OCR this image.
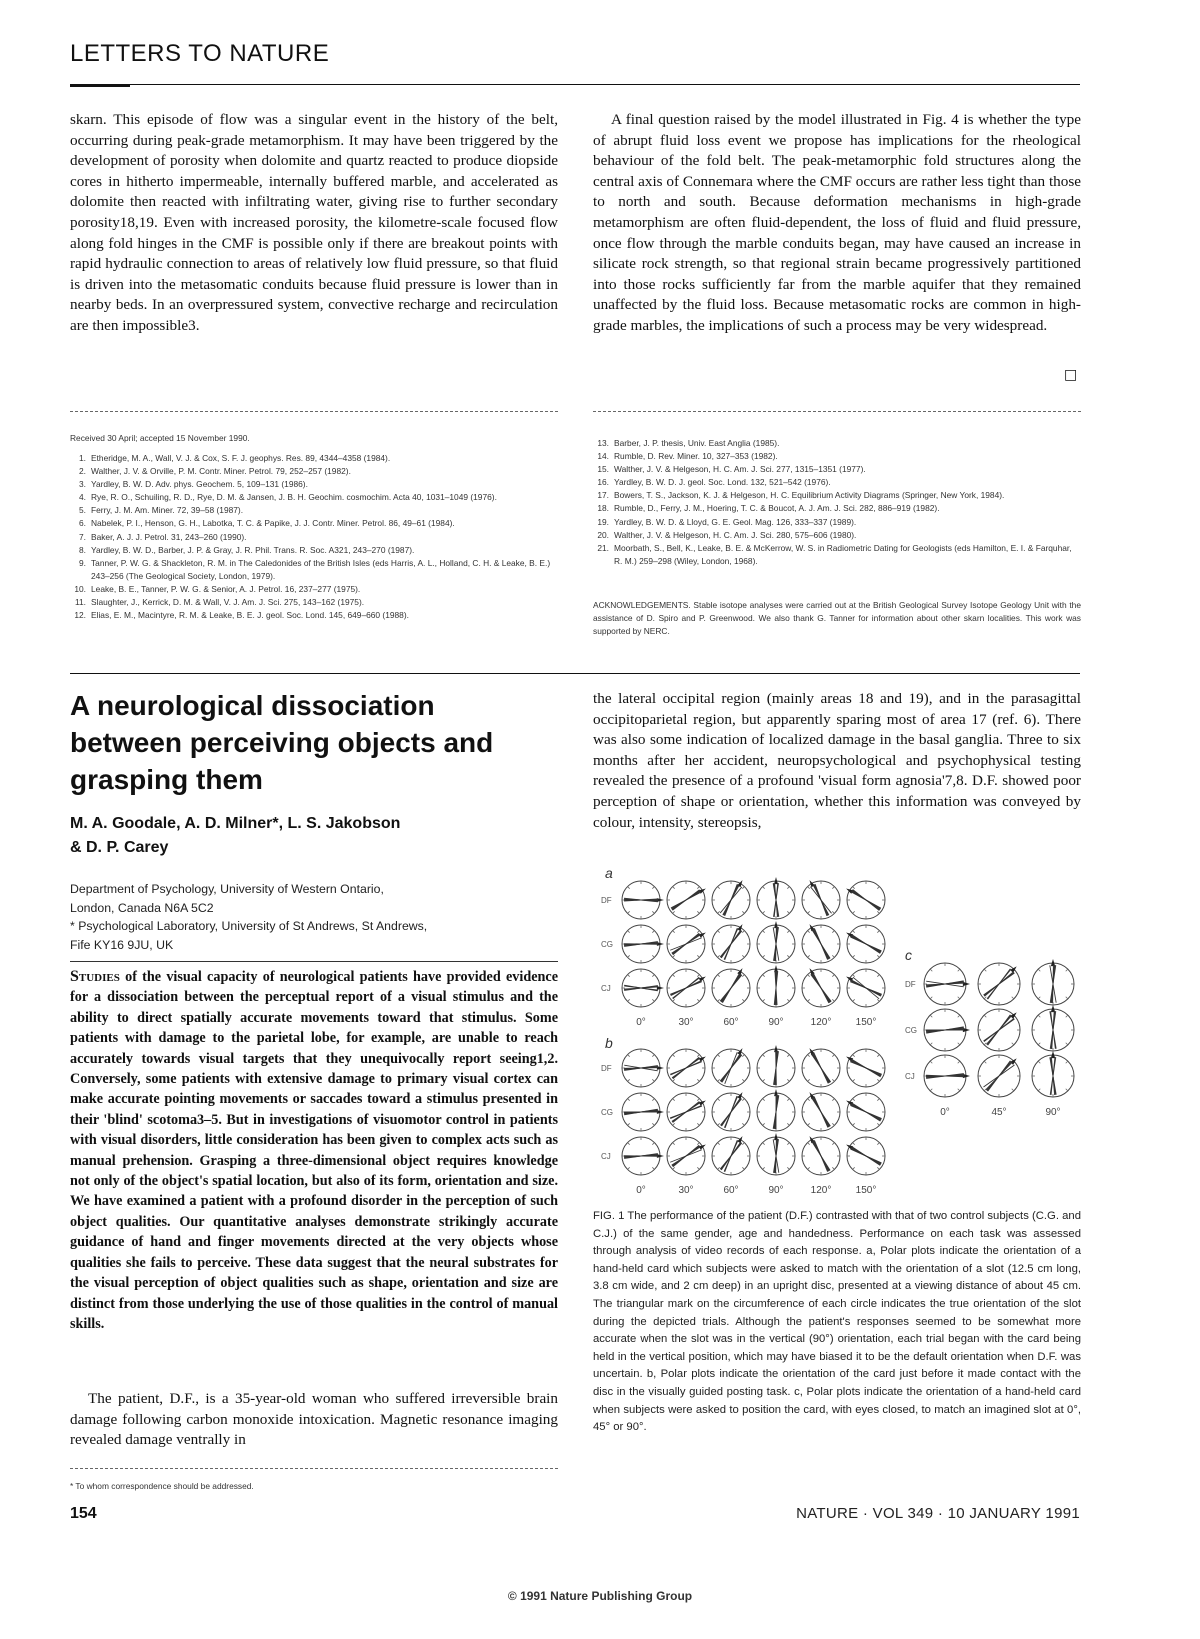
LETTERS TO NATURE

skarn. This episode of flow was a singular event in the history of the belt, occurring during peak-grade metamorphism. It may have been triggered by the development of porosity when dolomite and quartz reacted to produce diopside cores in hitherto impermeable, internally buffered marble, and accelerated as dolomite then reacted with infiltrating water, giving rise to further secondary porosity18,19. Even with increased porosity, the kilometre-scale focused flow along fold hinges in the CMF is possible only if there are breakout points with rapid hydraulic connection to areas of relatively low fluid pressure, so that fluid is driven into the metasomatic conduits because fluid pressure is lower than in nearby beds. In an overpressured system, convective recharge and recirculation are then impossible3.

A final question raised by the model illustrated in Fig. 4 is whether the type of abrupt fluid loss event we propose has implications for the rheological behaviour of the fold belt. The peak-metamorphic fold structures along the central axis of Connemara where the CMF occurs are rather less tight than those to north and south. Because deformation mechanisms in high-grade metamorphism are often fluid-dependent, the loss of fluid and fluid pressure, once flow through the marble conduits began, may have caused an increase in silicate rock strength, so that regional strain became progressively partitioned into those rocks sufficiently far from the marble aquifer that they remained unaffected by the fluid loss. Because metasomatic rocks are common in high-grade marbles, the implications of such a process may be very widespread.

□
Received 30 April; accepted 15 November 1990.
1. Etheridge, M. A., Wall, V. J. & Cox, S. F. J. geophys. Res. 89, 4344–4358 (1984).
2. Walther, J. V. & Orville, P. M. Contr. Miner. Petrol. 79, 252–257 (1982).
3. Yardley, B. W. D. Adv. phys. Geochem. 5, 109–131 (1986).
4. Rye, R. O., Schuiling, R. D., Rye, D. M. & Jansen, J. B. H. Geochim. cosmochim. Acta 40, 1031–1049 (1976).
5. Ferry, J. M. Am. Miner. 72, 39–58 (1987).
6. Nabelek, P. I., Henson, G. H., Labotka, T. C. & Papike, J. J. Contr. Miner. Petrol. 86, 49–61 (1984).
7. Baker, A. J. J. Petrol. 31, 243–260 (1990).
8. Yardley, B. W. D., Barber, J. P. & Gray, J. R. Phil. Trans. R. Soc. A321, 243–270 (1987).
9. Tanner, P. W. G. & Shackleton, R. M. in The Caledonides of the British Isles (eds Harris, A. L., Holland, C. H. & Leake, B. E.) 243–256 (The Geological Society, London, 1979).
10. Leake, B. E., Tanner, P. W. G. & Senior, A. J. Petrol. 16, 237–277 (1975).
11. Slaughter, J., Kerrick, D. M. & Wall, V. J. Am. J. Sci. 275, 143–162 (1975).
12. Elias, E. M., Macintyre, R. M. & Leake, B. E. J. geol. Soc. Lond. 145, 649–660 (1988).
13. Barber, J. P. thesis, Univ. East Anglia (1985).
14. Rumble, D. Rev. Miner. 10, 327–353 (1982).
15. Walther, J. V. & Helgeson, H. C. Am. J. Sci. 277, 1315–1351 (1977).
16. Yardley, B. W. D. J. geol. Soc. Lond. 132, 521–542 (1976).
17. Bowers, T. S., Jackson, K. J. & Helgeson, H. C. Equilibrium Activity Diagrams (Springer, New York, 1984).
18. Rumble, D., Ferry, J. M., Hoering, T. C. & Boucot, A. J. Am. J. Sci. 282, 886–919 (1982).
19. Yardley, B. W. D. & Lloyd, G. E. Geol. Mag. 126, 333–337 (1989).
20. Walther, J. V. & Helgeson, H. C. Am. J. Sci. 280, 575–606 (1980).
21. Moorbath, S., Bell, K., Leake, B. E. & McKerrow, W. S. in Radiometric Dating for Geologists (eds Hamilton, E. I. & Farquhar, R. M.) 259–298 (Wiley, London, 1968).
ACKNOWLEDGEMENTS. Stable isotope analyses were carried out at the British Geological Survey Isotope Geology Unit with the assistance of D. Spiro and P. Greenwood. We also thank G. Tanner for information about other skarn localities. This work was supported by NERC.
A neurological dissociation between perceiving objects and grasping them
M. A. Goodale, A. D. Milner*, L. S. Jakobson
& D. P. Carey
Department of Psychology, University of Western Ontario,
London, Canada N6A 5C2
* Psychological Laboratory, University of St Andrews, St Andrews,
Fife KY16 9JU, UK
Studies of the visual capacity of neurological patients have provided evidence for a dissociation between the perceptual report of a visual stimulus and the ability to direct spatially accurate movements toward that stimulus. Some patients with damage to the parietal lobe, for example, are unable to reach accurately towards visual targets that they unequivocally report seeing1,2. Conversely, some patients with extensive damage to primary visual cortex can make accurate pointing movements or saccades toward a stimulus presented in their 'blind' scotoma3–5. But in investigations of visuomotor control in patients with visual disorders, little consideration has been given to complex acts such as manual prehension. Grasping a three-dimensional object requires knowledge not only of the object's spatial location, but also of its form, orientation and size. We have examined a patient with a profound disorder in the perception of such object qualities. Our quantitative analyses demonstrate strikingly accurate guidance of hand and finger movements directed at the very objects whose qualities she fails to perceive. These data suggest that the neural substrates for the visual perception of object qualities such as shape, orientation and size are distinct from those underlying the use of those qualities in the control of manual skills.

The patient, D.F., is a 35-year-old woman who suffered irreversible brain damage following carbon monoxide intoxication. Magnetic resonance imaging revealed damage ventrally in

* To whom correspondence should be addressed.

the lateral occipital region (mainly areas 18 and 19), and in the parasagittal occipitoparietal region, but apparently sparing most of area 17 (ref. 6). There was also some indication of localized damage in the basal ganglia. Three to six months after her accident, neuropsychological and psychophysical testing revealed the presence of a profound 'visual form agnosia'7,8. D.F. showed poor perception of shape or orientation, whether this information was conveyed by colour, intensity, stereopsis,

a
DF
CG
CJ
0°	30°	60°	90°	120° 150°
b
DF
CG
CJ
0°	30°	60°	90°	120° 150°
c
DF
CG
CJ
0°	45°	90°
FIG. 1 The performance of the patient (D.F.) contrasted with that of two control subjects (C.G. and C.J.) of the same gender, age and handedness. Performance on each task was assessed through analysis of video records of each response. a, Polar plots indicate the orientation of a hand-held card which subjects were asked to match with the orientation of a slot (12.5 cm long, 3.8 cm wide, and 2 cm deep) in an upright disc, presented at a viewing distance of about 45 cm. The triangular mark on the circumference of each circle indicates the true orientation of the slot during the depicted trials. Although the patient's responses seemed to be somewhat more accurate when the slot was in the vertical (90°) orientation, each trial began with the card being held in the vertical position, which may have biased it to be the default orientation when D.F. was uncertain. b, Polar plots indicate the orientation of the card just before it made contact with the disc in the visually guided posting task. c, Polar plots indicate the orientation of a hand-held card when subjects were asked to position the card, with eyes closed, to match an imagined slot at 0°, 45° or 90°.
154	NATURE · VOL 349 · 10 JANUARY 1991
© 1991 Nature Publishing Group
